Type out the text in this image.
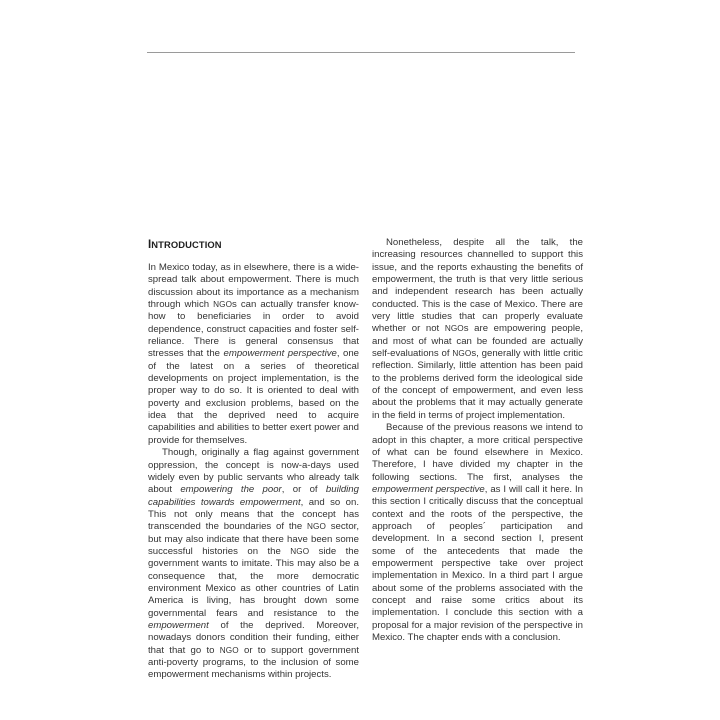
INTRODUCTION

In Mexico today, as in elsewhere, there is a wide-spread talk about empowerment. There is much discussion about its importance as a mechanism through which NGOs can actually transfer know-how to beneficiaries in order to avoid dependence, construct capacities and foster self-reliance. There is general consensus that stresses that the empowerment perspective, one of the latest on a series of theoretical developments on project implementation, is the proper way to do so. It is oriented to deal with poverty and exclusion problems, based on the idea that the deprived need to acquire capabilities and abilities to better exert power and provide for themselves.

Though, originally a flag against government oppression, the concept is now-a-days used widely even by public servants who already talk about empowering the poor, or of building capabilities towards empowerment, and so on. This not only means that the concept has transcended the boundaries of the NGO sector, but may also indicate that there have been some successful histories on the NGO side the government wants to imitate. This may also be a consequence that, the more democratic environment Mexico as other countries of Latin America is living, has brought down some governmental fears and resistance to the empowerment of the deprived. Moreover, nowadays donors condition their funding, either that that go to NGO or to support government anti-poverty programs, to the inclusion of some empowerment mechanisms within projects.

Nonetheless, despite all the talk, the increasing resources channelled to support this issue, and the reports exhausting the benefits of empowerment, the truth is that very little serious and independent research has been actually conducted. This is the case of Mexico. There are very little studies that can properly evaluate whether or not NGOs are empowering people, and most of what can be founded are actually self-evaluations of NGOs, generally with little critic reflection. Similarly, little attention has been paid to the problems derived form the ideological side of the concept of empowerment, and even less about the problems that it may actually generate in the field in terms of project implementation.

Because of the previous reasons we intend to adopt in this chapter, a more critical perspective of what can be found elsewhere in Mexico. Therefore, I have divided my chapter in the following sections. The first, analyses the empowerment perspective, as I will call it here. In this section I critically discuss that the conceptual context and the roots of the perspective, the approach of peoples´ participation and development. In a second section I, present some of the antecedents that made the empowerment perspective take over project implementation in Mexico. In a third part I argue about some of the problems associated with the concept and raise some critics about its implementation. I conclude this section with a proposal for a major revision of the perspective in Mexico. The chapter ends with a conclusion.
